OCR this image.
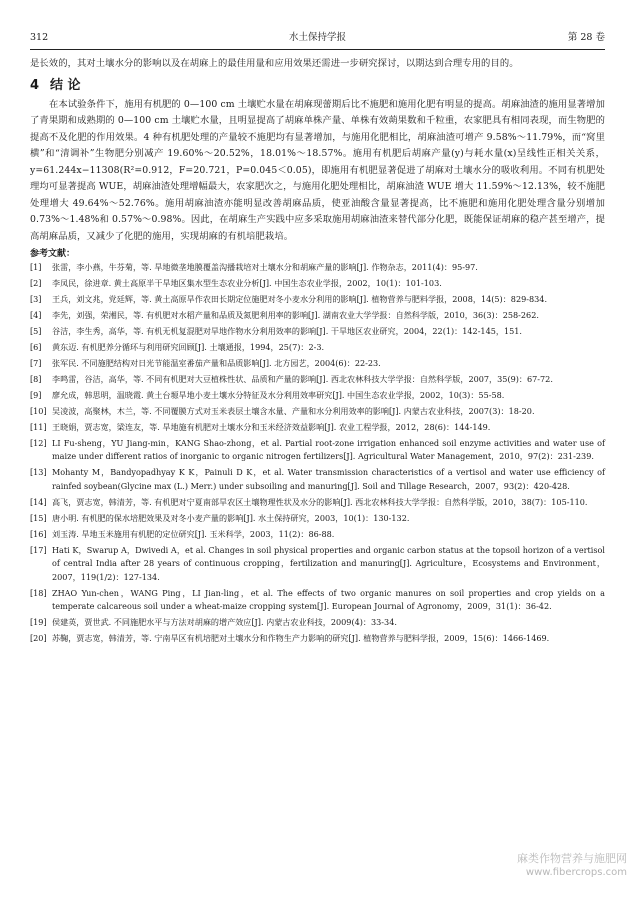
312	水土保持学报	第 28 卷

是长效的，其对土壤水分的影响以及在胡麻上的最佳用量和应用效果还需进一步研究探讨，以期达到合理专用的目的。

4 结 论

在本试验条件下，施用有机肥的 0—100 cm 土壤贮水量在胡麻现蕾期后比不施肥和施用化肥有明显的提高。胡麻油渣的施用显著增加了青果期和成熟期的 0—100 cm 土壤贮水量，且明显提高了胡麻单株产量、单株有效蒴果数和千粒重，农家肥具有相同表现，而生物肥的提高不及化肥的作用效果。4 种有机肥处理的产量较不施肥均有显著增加，与施用化肥相比，胡麻油渣可增产 9.58%～11.79%，而“窝里横”和“清调补”生物肥分别减产 19.60%～20.52%，18.01%～18.57%。施用有机肥后胡麻产量(y)与耗水量(x)呈线性正相关关系，y=61.244x−11308(R²=0.912，F=20.721，P=0.045＜0.05)，即施用有机肥显著促进了胡麻对土壤水分的吸收利用。不同有机肥处理均可显著提高 WUE，胡麻油渣处理增幅最大，农家肥次之，与施用化肥处理相比，胡麻油渣 WUE 增大 11.59%～12.13%，较不施肥处理增大 49.64%～52.76%。施用胡麻油渣亦能明显改善胡麻品质，使亚油酸含量显著提高，比不施肥和施用化肥处理含量分别增加 0.73%～1.48%和 0.57%～0.98%。因此，在胡麻生产实践中应多采取施用胡麻油渣来替代部分化肥，既能保证胡麻的稳产甚至增产，提高胡麻品质，又减少了化肥的施用，实现胡麻的有机培肥栽培。

参考文献：
[1] 张雷，李小燕，牛芬菊，等. 旱地微垄地膜覆盖沟播栽培对土壤水分和胡麻产量的影响[J]. 作物杂志，2011(4)：95-97.
[2] 李凤民，徐进章. 黄土高原半干旱地区集水型生态农业分析[J]. 中国生态农业学报，2002，10(1)：101-103.
[3] 王兵，刘文兆，党廷辉，等. 黄土高原旱作农田长期定位施肥对冬小麦水分利用的影响[J]. 植物营养与肥料学报，2008，14(5)：829-834.
[4] 李先，刘强，荣湘民，等. 有机肥对水稻产量和品质及氮肥利用率的影响[J]. 湖南农业大学学报：自然科学版，2010，36(3)：258-262.
[5] 谷洁，李生秀，高华，等. 有机无机复混肥对旱地作物水分利用效率的影响[J]. 干旱地区农业研究，2004，22(1)：142-145，151.
[6] 黄东迈. 有机肥养分循环与利用研究回顾[J]. 土壤通报，1994，25(7)：2-3.
[7] 张军民. 不同施肥结构对日光节能温室番茄产量和品质影响[J]. 北方园艺，2004(6)：22-23.
[8] 李鸣雷，谷洁，高华，等. 不同有机肥对大豆植株性状、品质和产量的影响[J]. 西北农林科技大学学报：自然科学版，2007，35(9)：67-72.
[9] 廖允成，韩思明，温晓霞. 黄土台塬旱地小麦土壤水分特征及水分利用效率研究[J]. 中国生态农业学报，2002，10(3)：55-58.
[10] 吴凌波，高聚林，木兰，等. 不同覆膜方式对玉米表层土壤含水量、产量和水分利用效率的影响[J]. 内蒙古农业科技，2007(3)：18-20.
[11] 王晓娟，贾志宽，梁连友，等. 旱地施有机肥对土壤水分和玉米经济效益影响[J]. 农业工程学报，2012，28(6)：144-149.
[12] LI Fu-sheng，YU Jiang-min，KANG Shao-zhong，et al. Partial root-zone irrigation enhanced soil enzyme activities and water use of maize under different ratios of inorganic to organic nitrogen fertilizers[J]. Agricultural Water Management，2010，97(2)：231-239.
[13] Mohanty M，Bandyopadhyay K K，Painuli D K，et al. Water transmission characteristics of a vertisol and water use efficiency of rainfed soybean(Glycine max (L.) Merr.) under subsoiling and manuring[J]. Soil and Tillage Research，2007，93(2)：420-428.
[14] 高飞，贾志宽，韩清芳，等. 有机肥对宁夏南部旱农区土壤物理性状及水分的影响[J]. 西北农林科技大学学报：自然科学版，2010，38(7)：105-110.
[15] 唐小明. 有机肥的保水培肥效果及对冬小麦产量的影响[J]. 水土保持研究，2003，10(1)：130-132.
[16] 刘玉涛. 旱地玉米施用有机肥的定位研究[J]. 玉米科学，2003，11(2)：86-88.
[17] Hati K，Swarup A，Dwivedi A，et al. Changes in soil physical properties and organic carbon status at the topsoil horizon of a vertisol of central India after 28 years of continuous cropping，fertilization and manuring[J]. Agriculture，Ecosystems and Environment，2007，119(1/2)：127-134.
[18] ZHAO Yun-chen，WANG Ping，LI Jian-ling，et al. The effects of two organic manures on soil properties and crop yields on a temperate calcareous soil under a wheat-maize cropping system[J]. European Journal of Agronomy，2009，31(1)：36-42.
[19] 侯建英，贾世武. 不同施肥水平与方法对胡麻的增产效应[J]. 内蒙古农业科技，2009(4)：33-34.
[20] 苏鞠，贾志宽，韩清芳，等. 宁南旱区有机培肥对土壤水分和作物生产力影响的研究[J]. 植物营养与肥料学报，2009，15(6)：1466-1469.
麻类作物营养与施肥网
www.fibercrops.com
